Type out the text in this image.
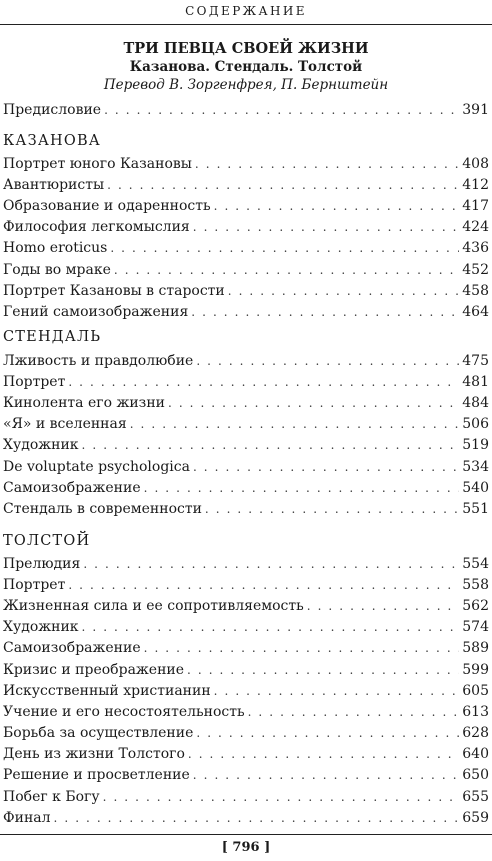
СОДЕРЖАНИЕ
ТРИ ПЕВЦА СВОЕЙ ЖИЗНИ
Казанова. Стендаль. Толстой
Перевод В. Зоргенфрея, П. Бернштейн
Предисловие . . .	391
КАЗАНОВА
Портрет юного Казановы . . .	408
Авантюристы . . .	412
Образование и одаренность . . .	417
Философия легкомыслия . . .	424
Homo eroticus . . .	436
Годы во мраке . . .	452
Портрет Казановы в старости . . .	458
Гений самоизображения . . .	464
СТЕНДАЛЬ
Лживость и правдолюбие . . .	475
Портрет . . .	481
Кинолента его жизни . . .	484
«Я» и вселенная . . .	506
Художник . . .	519
De voluptate psychologica . . .	534
Самоизображение . . .	540
Стендаль в современности . . .	551
ТОЛСТОЙ
Прелюдия . . .	554
Портрет . . .	558
Жизненная сила и ее сопротивляемость . . .	562
Художник . . .	574
Самоизображение . . .	589
Кризис и преображение . . .	599
Искусственный христианин . . .	605
Учение и его несостоятельность . . .	613
Борьба за осуществление . . .	628
День из жизни Толстого . . .	640
Решение и просветление . . .	650
Побег к Богу . . .	655
Финал . . .	659
[ 796 ]
